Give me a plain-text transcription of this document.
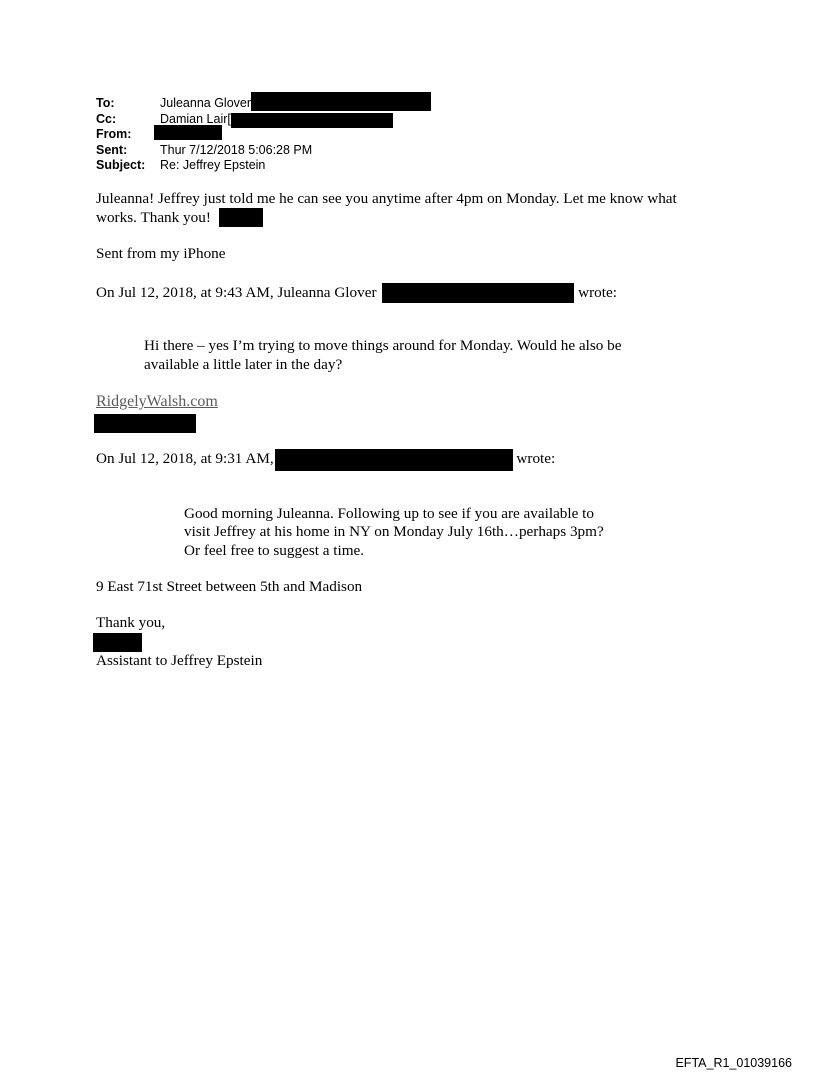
To:	Juleanna Glover
Cc:	Damian Lair[
From:
Sent:	Thur 7/12/2018 5:06:28 PM
Subject: Re: Jeffrey Epstein
Juleanna! Jeffrey just told me he can see you anytime after 4pm on Monday. Let me know what
works. Thank you!
Sent from my iPhone
On Jul 12, 2018, at 9:43 AM, Juleanna Glover	wrote:
Hi there – yes I’m trying to move things around for Monday. Would he also be
available a little later in the day?
RidgelyWalsh.com
On Jul 12, 2018, at 9:31 AM,	wrote:
Good morning Juleanna. Following up to see if you are available to
visit Jeffrey at his home in NY on Monday July 16th…perhaps 3pm?
Or feel free to suggest a time.
9 East 71st Street between 5th and Madison
Thank you,
Assistant to Jeffrey Epstein
EFTA_R1_01039166
